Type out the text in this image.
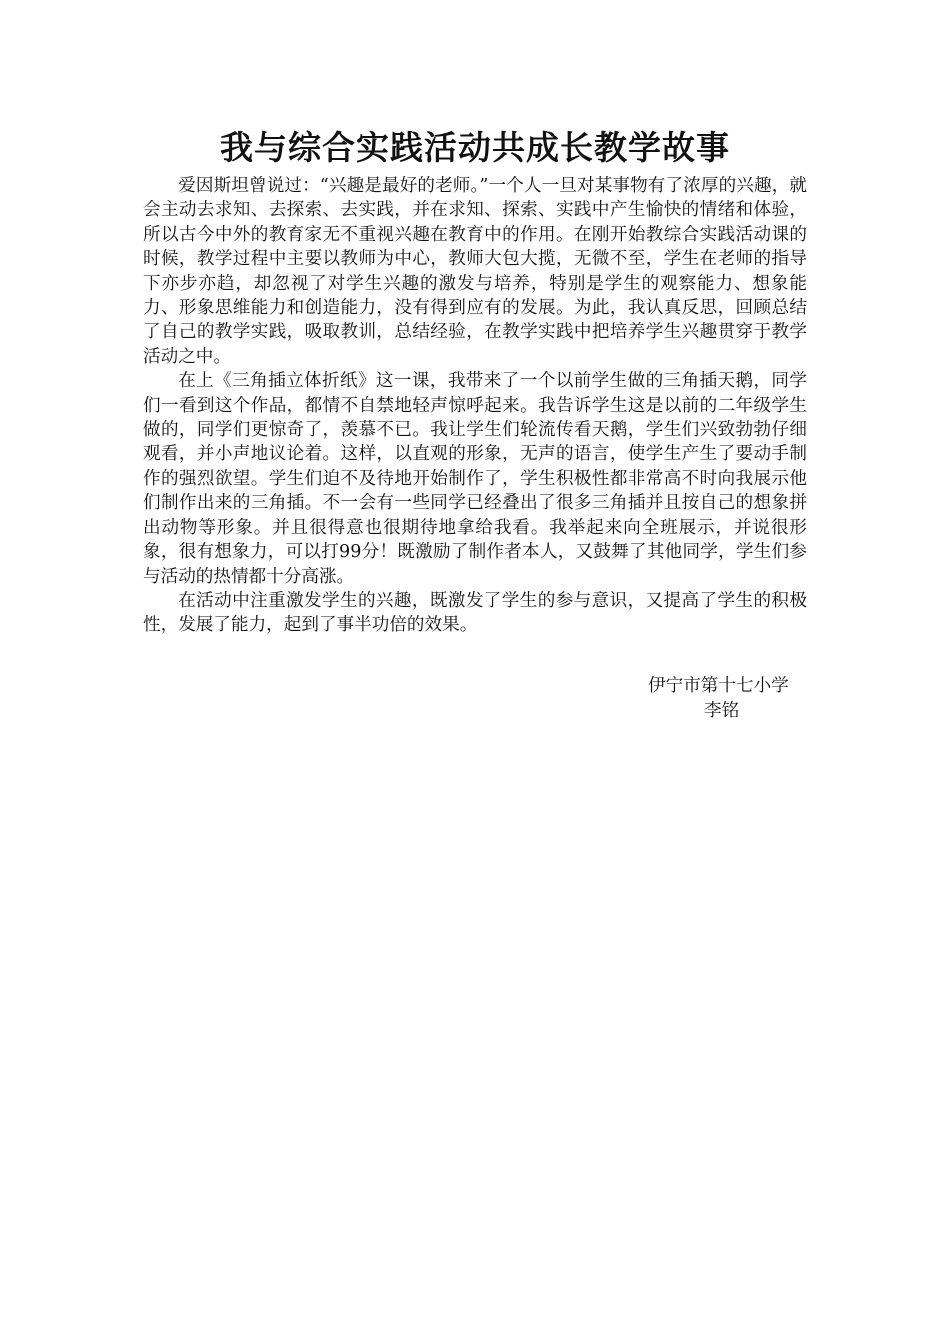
我与综合实践活动共成长教学故事

爱因斯坦曾说过：“兴趣是最好的老师。”一个人一旦对某事物有了浓厚的兴趣，就会主动去求知、去探索、去实践，并在求知、探索、实践中产生愉快的情绪和体验，所以古今中外的教育家无不重视兴趣在教育中的作用。在刚开始教综合实践活动课的时候，教学过程中主要以教师为中心，教师大包大揽，无微不至，学生在老师的指导下亦步亦趋，却忽视了对学生兴趣的激发与培养，特别是学生的观察能力、想象能力、形象思维能力和创造能力，没有得到应有的发展。为此，我认真反思，回顾总结了自己的教学实践，吸取教训，总结经验，在教学实践中把培养学生兴趣贯穿于教学活动之中。

在上《三角插立体折纸》这一课，我带来了一个以前学生做的三角插天鹅，同学们一看到这个作品，都情不自禁地轻声惊呼起来。我告诉学生这是以前的二年级学生做的，同学们更惊奇了，羡慕不已。我让学生们轮流传看天鹅，学生们兴致勃勃仔细观看，并小声地议论着。这样，以直观的形象，无声的语言，使学生产生了要动手制作的强烈欲望。学生们迫不及待地开始制作了，学生积极性都非常高不时向我展示他们制作出来的三角插。不一会有一些同学已经叠出了很多三角插并且按自己的想象拼出动物等形象。并且很得意也很期待地拿给我看。我举起来向全班展示，并说很形象，很有想象力，可以打99分！既激励了制作者本人，又鼓舞了其他同学，学生们参与活动的热情都十分高涨。

在活动中注重激发学生的兴趣，既激发了学生的参与意识，又提高了学生的积极性，发展了能力，起到了事半功倍的效果。

伊宁市第十七小学
李铭
